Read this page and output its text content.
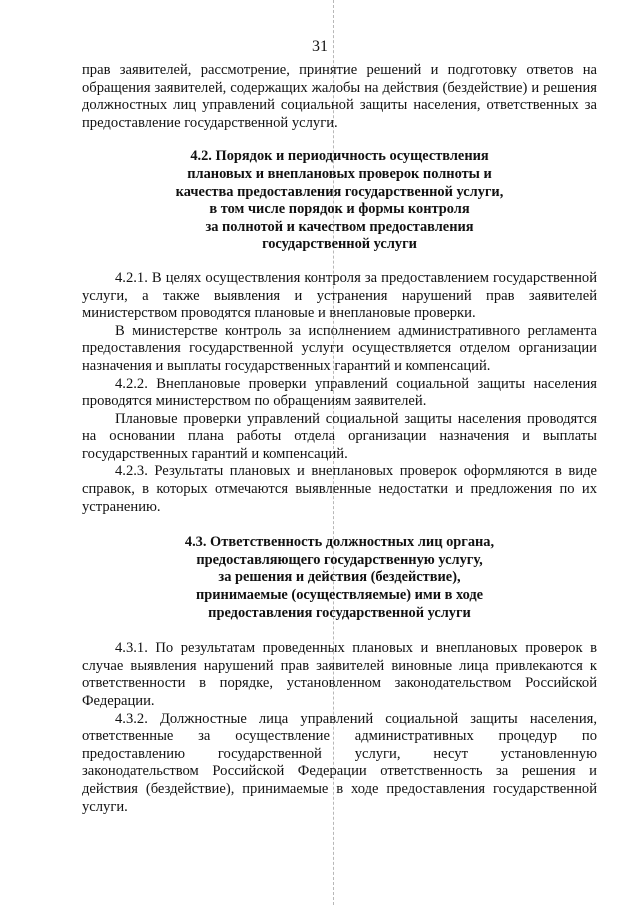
31

прав заявителей, рассмотрение, принятие решений и подготовку ответов на обращения заявителей, содержащих жалобы на действия (бездействие) и решения должностных лиц управлений социальной защиты населения, ответственных за предоставление государственной услуги.

4.2. Порядок и периодичность осуществления
плановых и внеплановых проверок полноты и
качества предоставления государственной услуги,
в том числе порядок и формы контроля
за полнотой и качеством предоставления
государственной услуги

4.2.1. В целях осуществления контроля за предоставлением государственной услуги, а также выявления и устранения нарушений прав заявителей министерством проводятся плановые и внеплановые проверки.

В министерстве контроль за исполнением административного регламента предоставления государственной услуги осуществляется отделом организации назначения и выплаты государственных гарантий и компенсаций.

4.2.2. Внеплановые проверки управлений социальной защиты населения проводятся министерством по обращениям заявителей.

Плановые проверки управлений социальной защиты населения проводятся на основании плана работы отдела организации назначения и выплаты государственных гарантий и компенсаций.

4.2.3. Результаты плановых и внеплановых проверок оформляются в виде справок, в которых отмечаются выявленные недостатки и предложения по их устранению.

4.3. Ответственность должностных лиц органа,
предоставляющего государственную услугу,
за решения и действия (бездействие),
принимаемые (осуществляемые) ими в ходе
предоставления государственной услуги

4.3.1. По результатам проведенных плановых и внеплановых проверок в случае выявления нарушений прав заявителей виновные лица привлекаются к ответственности в порядке, установленном законодательством Российской Федерации.

4.3.2. Должностные лица управлений социальной защиты населения, ответственные за осуществление административных процедур по предоставлению государственной услуги, несут установленную законодательством Российской Федерации ответственность за решения и действия (бездействие), принимаемые в ходе предоставления государственной услуги.
